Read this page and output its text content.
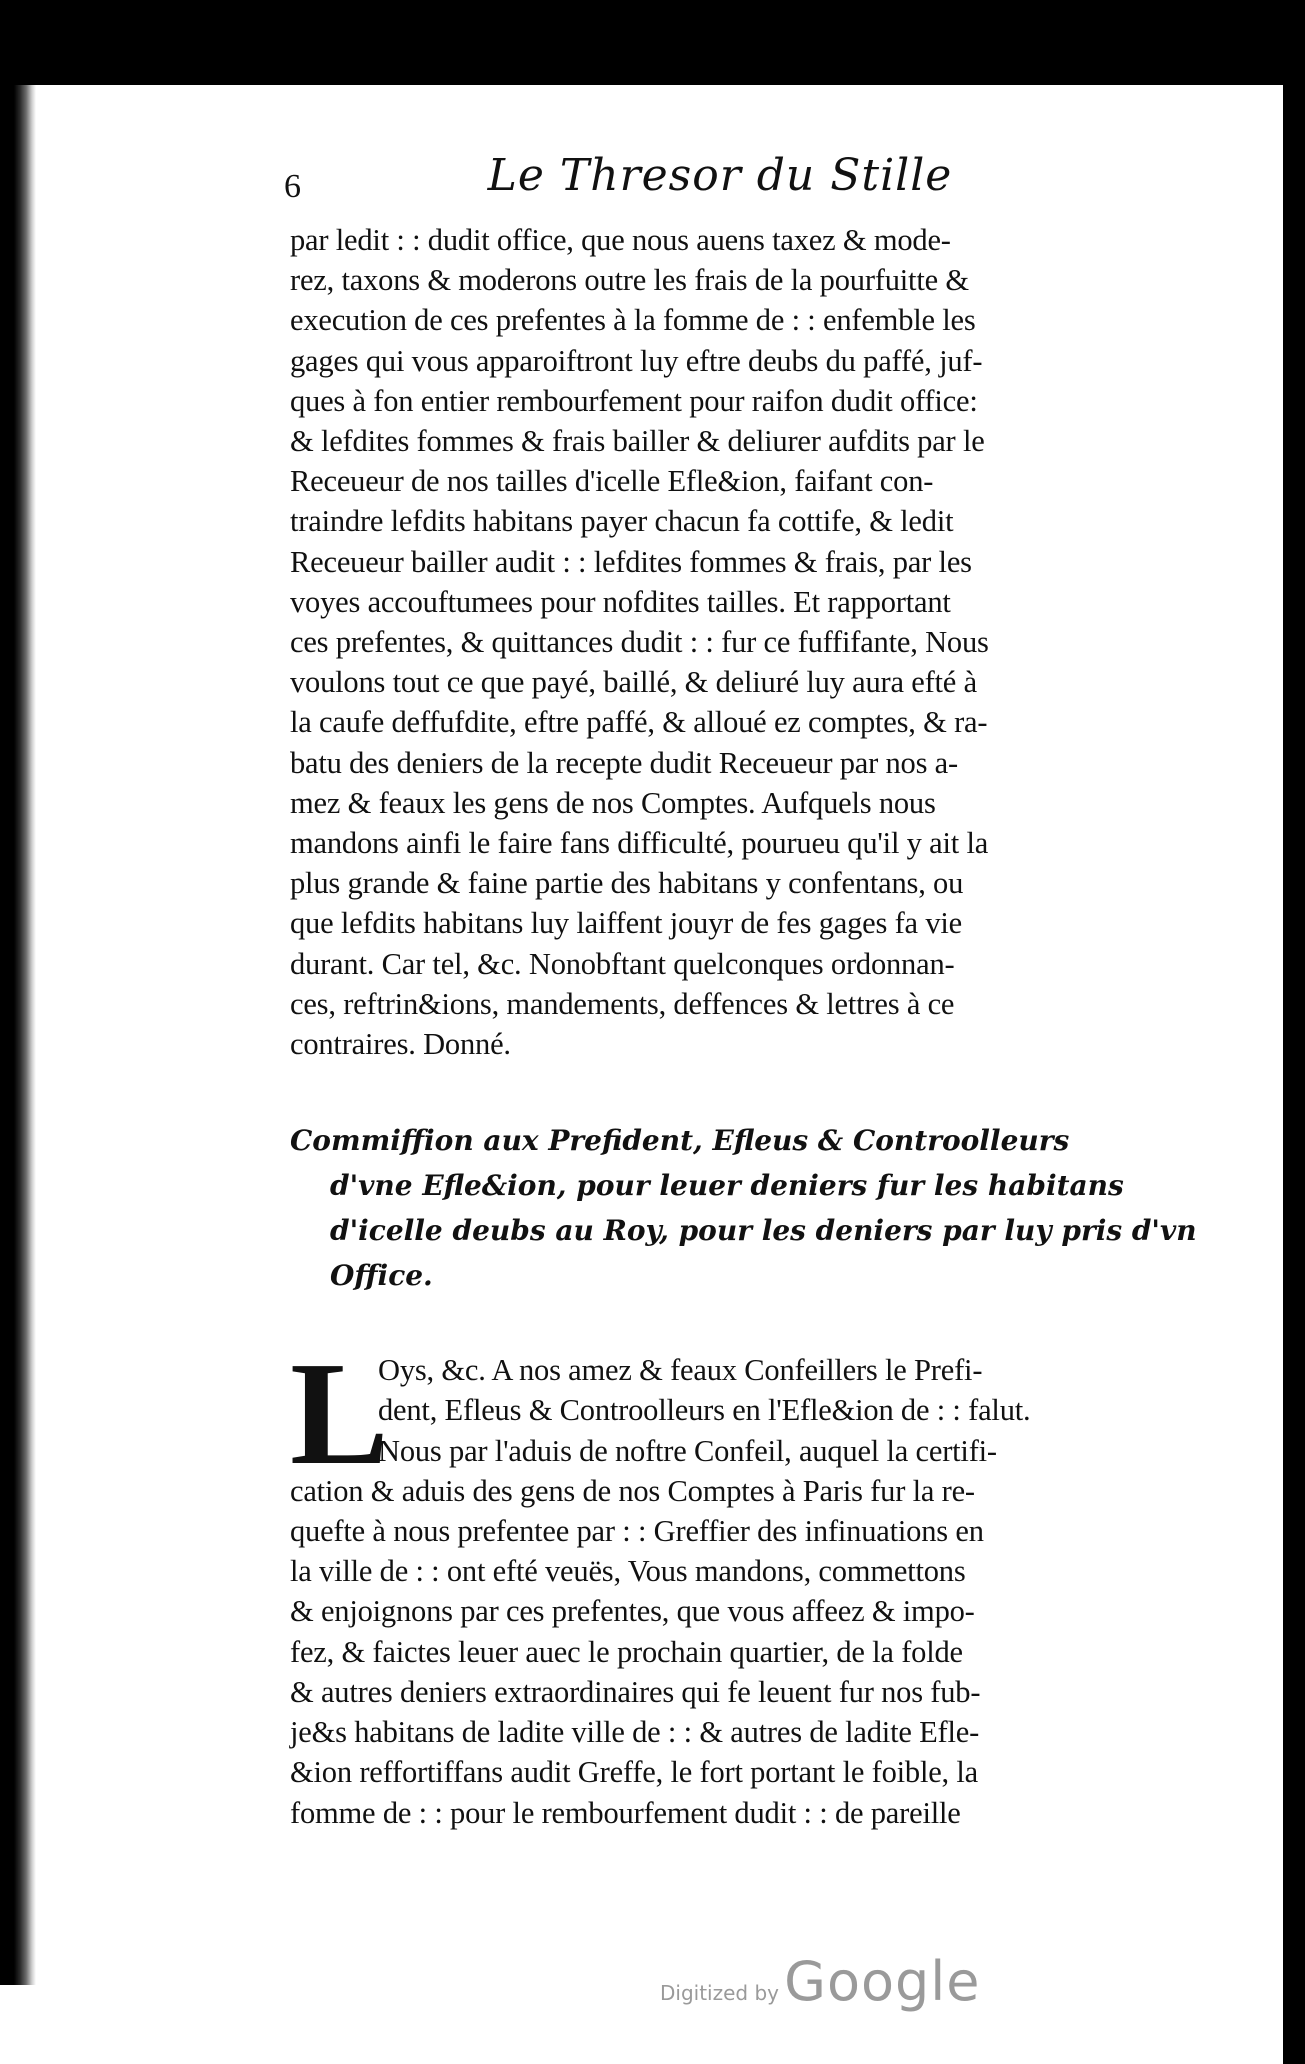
6	Le Thresor du Stille
par ledit : : dudit office, que nous auens taxez & mode-
rez, taxons & moderons outre les frais de la pourfuitte &
execution de ces prefentes à la fomme de : : enfemble les
gages qui vous apparoiftront luy eftre deubs du paffé, juf-
ques à fon entier rembourfement pour raifon dudit office:
& lefdites fommes & frais bailler & deliurer aufdits par le
Receueur de nos tailles d'icelle Efle&ion, faifant con-
traindre lefdits habitans payer chacun fa cottife, & ledit
Receueur bailler audit : : lefdites fommes & frais, par les
voyes accouftumees pour nofdites tailles. Et rapportant
ces prefentes, & quittances dudit : : fur ce fuffifante, Nous
voulons tout ce que payé, baillé, & deliuré luy aura efté à
la caufe deffufdite, eftre paffé, & alloué ez comptes, & ra-
batu des deniers de la recepte dudit Receueur par nos a-
mez & feaux les gens de nos Comptes. Aufquels nous
mandons ainfi le faire fans difficulté, pourueu qu'il y ait la
plus grande & faine partie des habitans y confentans, ou
que lefdits habitans luy laiffent jouyr de fes gages fa vie
durant. Car tel, &c. Nonobftant quelconques ordonnan-
ces, reftrin&ions, mandements, deffences & lettres à ce
contraires. Donné.
Commiffion aux Prefident, Efleus & Controolleurs
d'vne Efle&ion, pour leuer deniers fur les habitans
d'icelle deubs au Roy, pour les deniers par luy pris d'vn
Office.
L
Oys, &c. A nos amez & feaux Confeillers le Prefi-
dent, Efleus & Controolleurs en l'Efle&ion de : : falut.
Nous par l'aduis de noftre Confeil, auquel la certifi-
cation & aduis des gens de nos Comptes à Paris fur la re-
quefte à nous prefentee par : : Greffier des infinuations en
la ville de : : ont efté veuës, Vous mandons, commettons
& enjoignons par ces prefentes, que vous affeez & impo-
fez, & faictes leuer auec le prochain quartier, de la folde
& autres deniers extraordinaires qui fe leuent fur nos fub-
je&s habitans de ladite ville de : : & autres de ladite Efle-
&ion reffortiffans audit Greffe, le fort portant le foible, la
fomme de : : pour le rembourfement dudit : : de pareille
Digitized by Google
